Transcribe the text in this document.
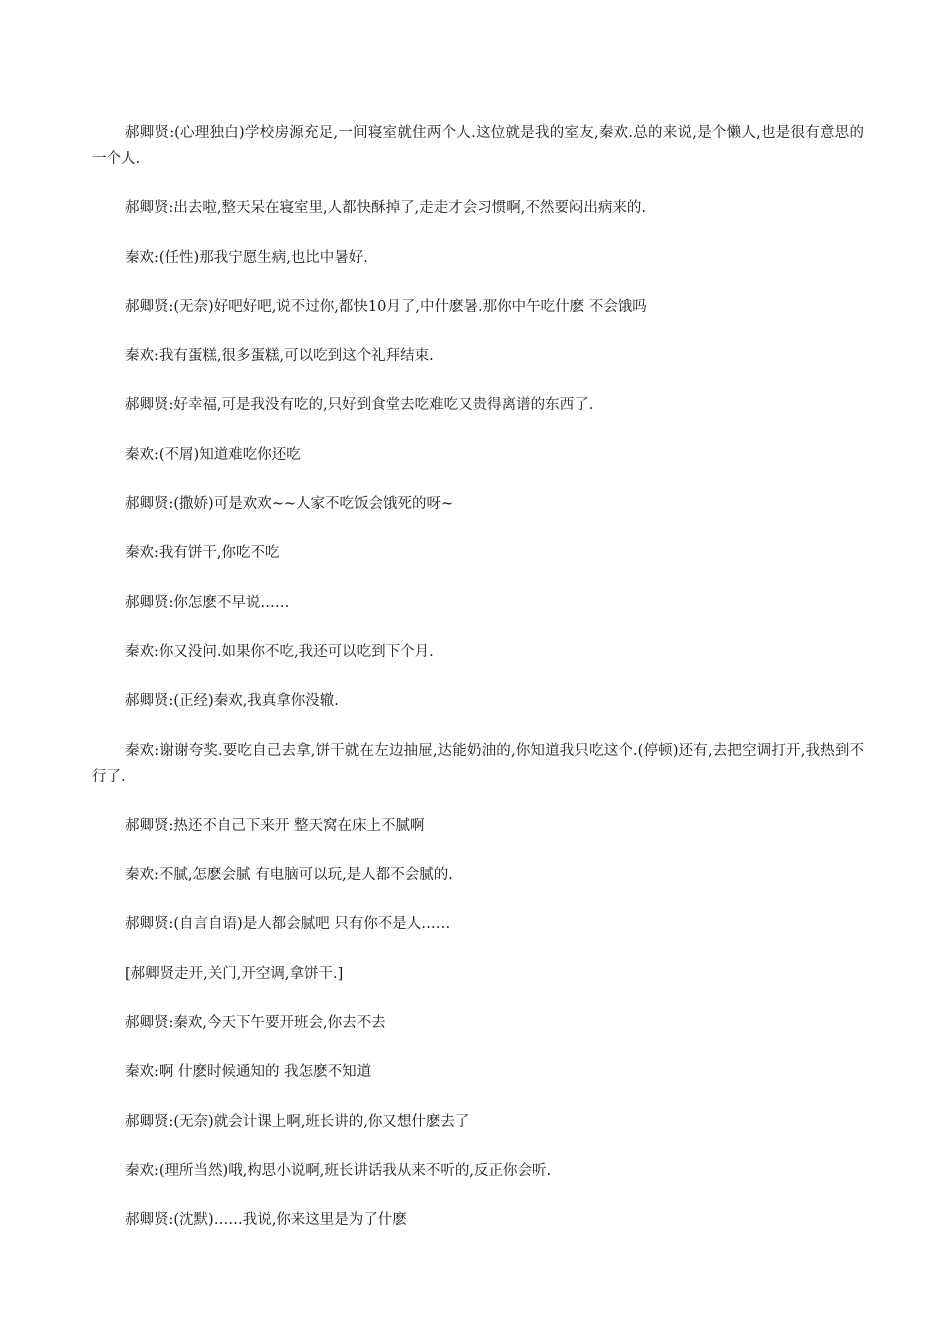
郝卿贤:(心理独白)学校房源充足,一间寝室就住两个人.这位就是我的室友,秦欢.总的来说,是个懒人,也是很有意思的一个人.

郝卿贤:出去啦,整天呆在寝室里,人都快酥掉了,走走才会习惯啊,不然要闷出病来的.

秦欢:(任性)那我宁愿生病,也比中暑好.

郝卿贤:(无奈)好吧好吧,说不过你,都快10月了,中什麽暑.那你中午吃什麽 不会饿吗

秦欢:我有蛋糕,很多蛋糕,可以吃到这个礼拜结束.

郝卿贤:好幸福,可是我没有吃的,只好到食堂去吃难吃又贵得离谱的东西了.

秦欢:(不屑)知道难吃你还吃

郝卿贤:(撒娇)可是欢欢~~人家不吃饭会饿死的呀~

秦欢:我有饼干,你吃不吃

郝卿贤:你怎麽不早说……

秦欢:你又没问.如果你不吃,我还可以吃到下个月.

郝卿贤:(正经)秦欢,我真拿你没辙.

秦欢:谢谢夸奖.要吃自己去拿,饼干就在左边抽屉,达能奶油的,你知道我只吃这个.(停顿)还有,去把空调打开,我热到不行了.

郝卿贤:热还不自己下来开 整天窝在床上不腻啊

秦欢:不腻,怎麽会腻 有电脑可以玩,是人都不会腻的.

郝卿贤:(自言自语)是人都会腻吧 只有你不是人……

[郝卿贤走开,关门,开空调,拿饼干.]

郝卿贤:秦欢,今天下午要开班会,你去不去

秦欢:啊 什麽时候通知的 我怎麽不知道

郝卿贤:(无奈)就会计课上啊,班长讲的,你又想什麽去了

秦欢:(理所当然)哦,构思小说啊,班长讲话我从来不听的,反正你会听.

郝卿贤:(沈默)……我说,你来这里是为了什麽
